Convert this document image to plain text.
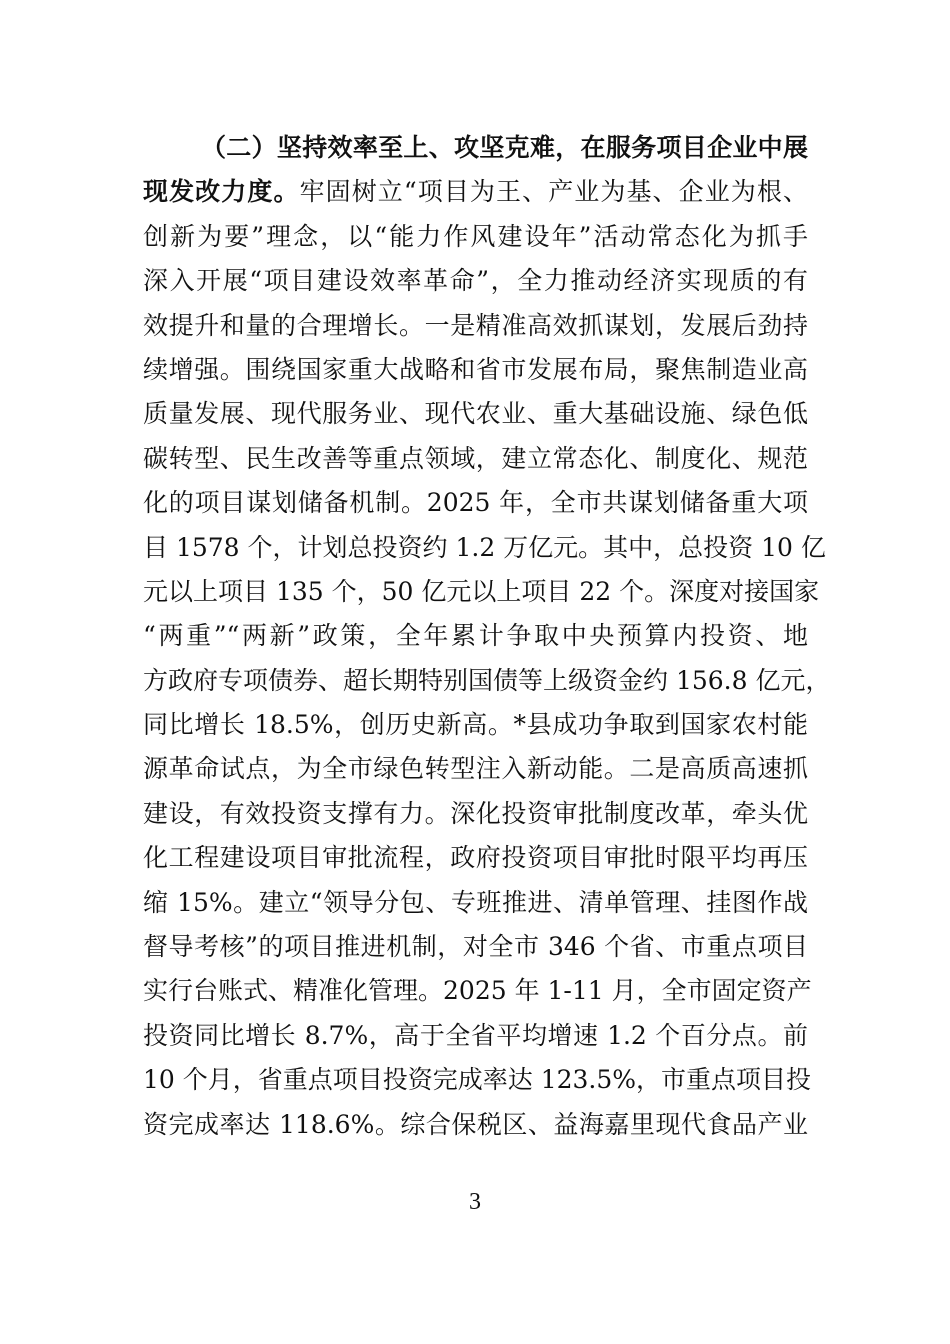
（二）坚持效率至上、攻坚克难，在服务项目企业中展
现发改力度。牢固树立“项目为王、产业为基、企业为根、
创新为要”理念，以“能力作风建设年”活动常态化为抓手
深入开展“项目建设效率革命”，全力推动经济实现质的有
效提升和量的合理增长。一是精准高效抓谋划，发展后劲持
续增强。围绕国家重大战略和省市发展布局，聚焦制造业高
质量发展、现代服务业、现代农业、重大基础设施、绿色低
碳转型、民生改善等重点领域，建立常态化、制度化、规范
化的项目谋划储备机制。2025 年，全市共谋划储备重大项
目 1578 个，计划总投资约 1.2 万亿元。其中，总投资 10 亿
元以上项目 135 个，50 亿元以上项目 22 个。深度对接国家
“两重”“两新”政策，全年累计争取中央预算内投资、地
方政府专项债券、超长期特别国债等上级资金约 156.8 亿元，
同比增长 18.5%，创历史新高。*县成功争取到国家农村能
源革命试点，为全市绿色转型注入新动能。二是高质高速抓
建设，有效投资支撑有力。深化投资审批制度改革，牵头优
化工程建设项目审批流程，政府投资项目审批时限平均再压
缩 15%。建立“领导分包、专班推进、清单管理、挂图作战
督导考核”的项目推进机制，对全市 346 个省、市重点项目
实行台账式、精准化管理。2025 年 1-11 月，全市固定资产
投资同比增长 8.7%，高于全省平均增速 1.2 个百分点。前
10 个月，省重点项目投资完成率达 123.5%，市重点项目投
资完成率达 118.6%。综合保税区、益海嘉里现代食品产业
3
